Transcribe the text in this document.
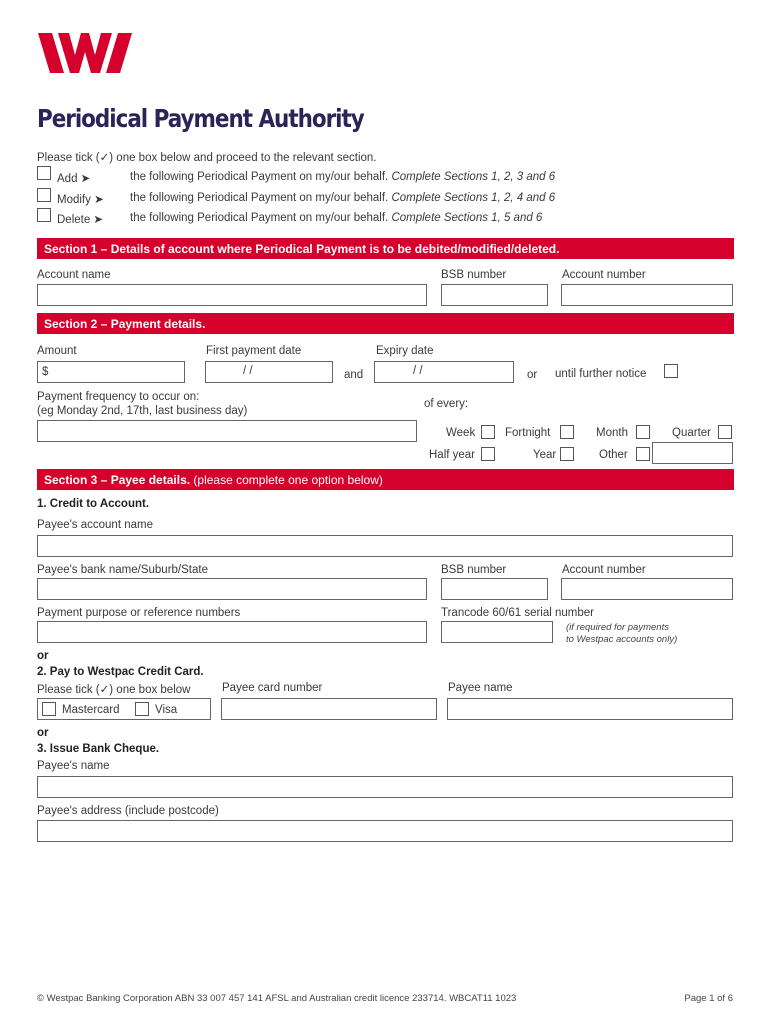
Periodical Payment Authority
Please tick (✓) one box below and proceed to the relevant section.
Add ➤	the following Periodical Payment on my/our behalf. Complete Sections 1, 2, 3 and 6
Modify ➤ the following Periodical Payment on my/our behalf. Complete Sections 1, 2, 4 and 6
Delete ➤ the following Periodical Payment on my/our behalf. Complete Sections 1, 5 and 6
Section 1 – Details of account where Periodical Payment is to be debited/modified/deleted.
Account name	BSB number	Account number
Section 2 – Payment details.
Amount	First payment date	Expiry date
$	/ /	and	/ /	or until further notice
Payment frequency to occur on:
(eg Monday 2nd, 17th, last business day)
of every:
Week	Fortnight	Month	Quarter
Half year	Year	Other
Section 3 – Payee details. (please complete one option below)
1. Credit to Account.
Payee's account name
Payee's bank name/Suburb/State	BSB number	Account number
Payment purpose or reference numbers	Trancode 60/61 serial number
(if required for payments
to Westpac accounts only)
or
2. Pay to Westpac Credit Card.
Please tick (✓) one box below	Payee card number	Payee name
Mastercard	Visa
or
3. Issue Bank Cheque.
Payee's name
Payee's address (include postcode)
© Westpac Banking Corporation ABN 33 007 457 141 AFSL and Australian credit licence 233714. WBCAT11 1023	Page 1 of 6
